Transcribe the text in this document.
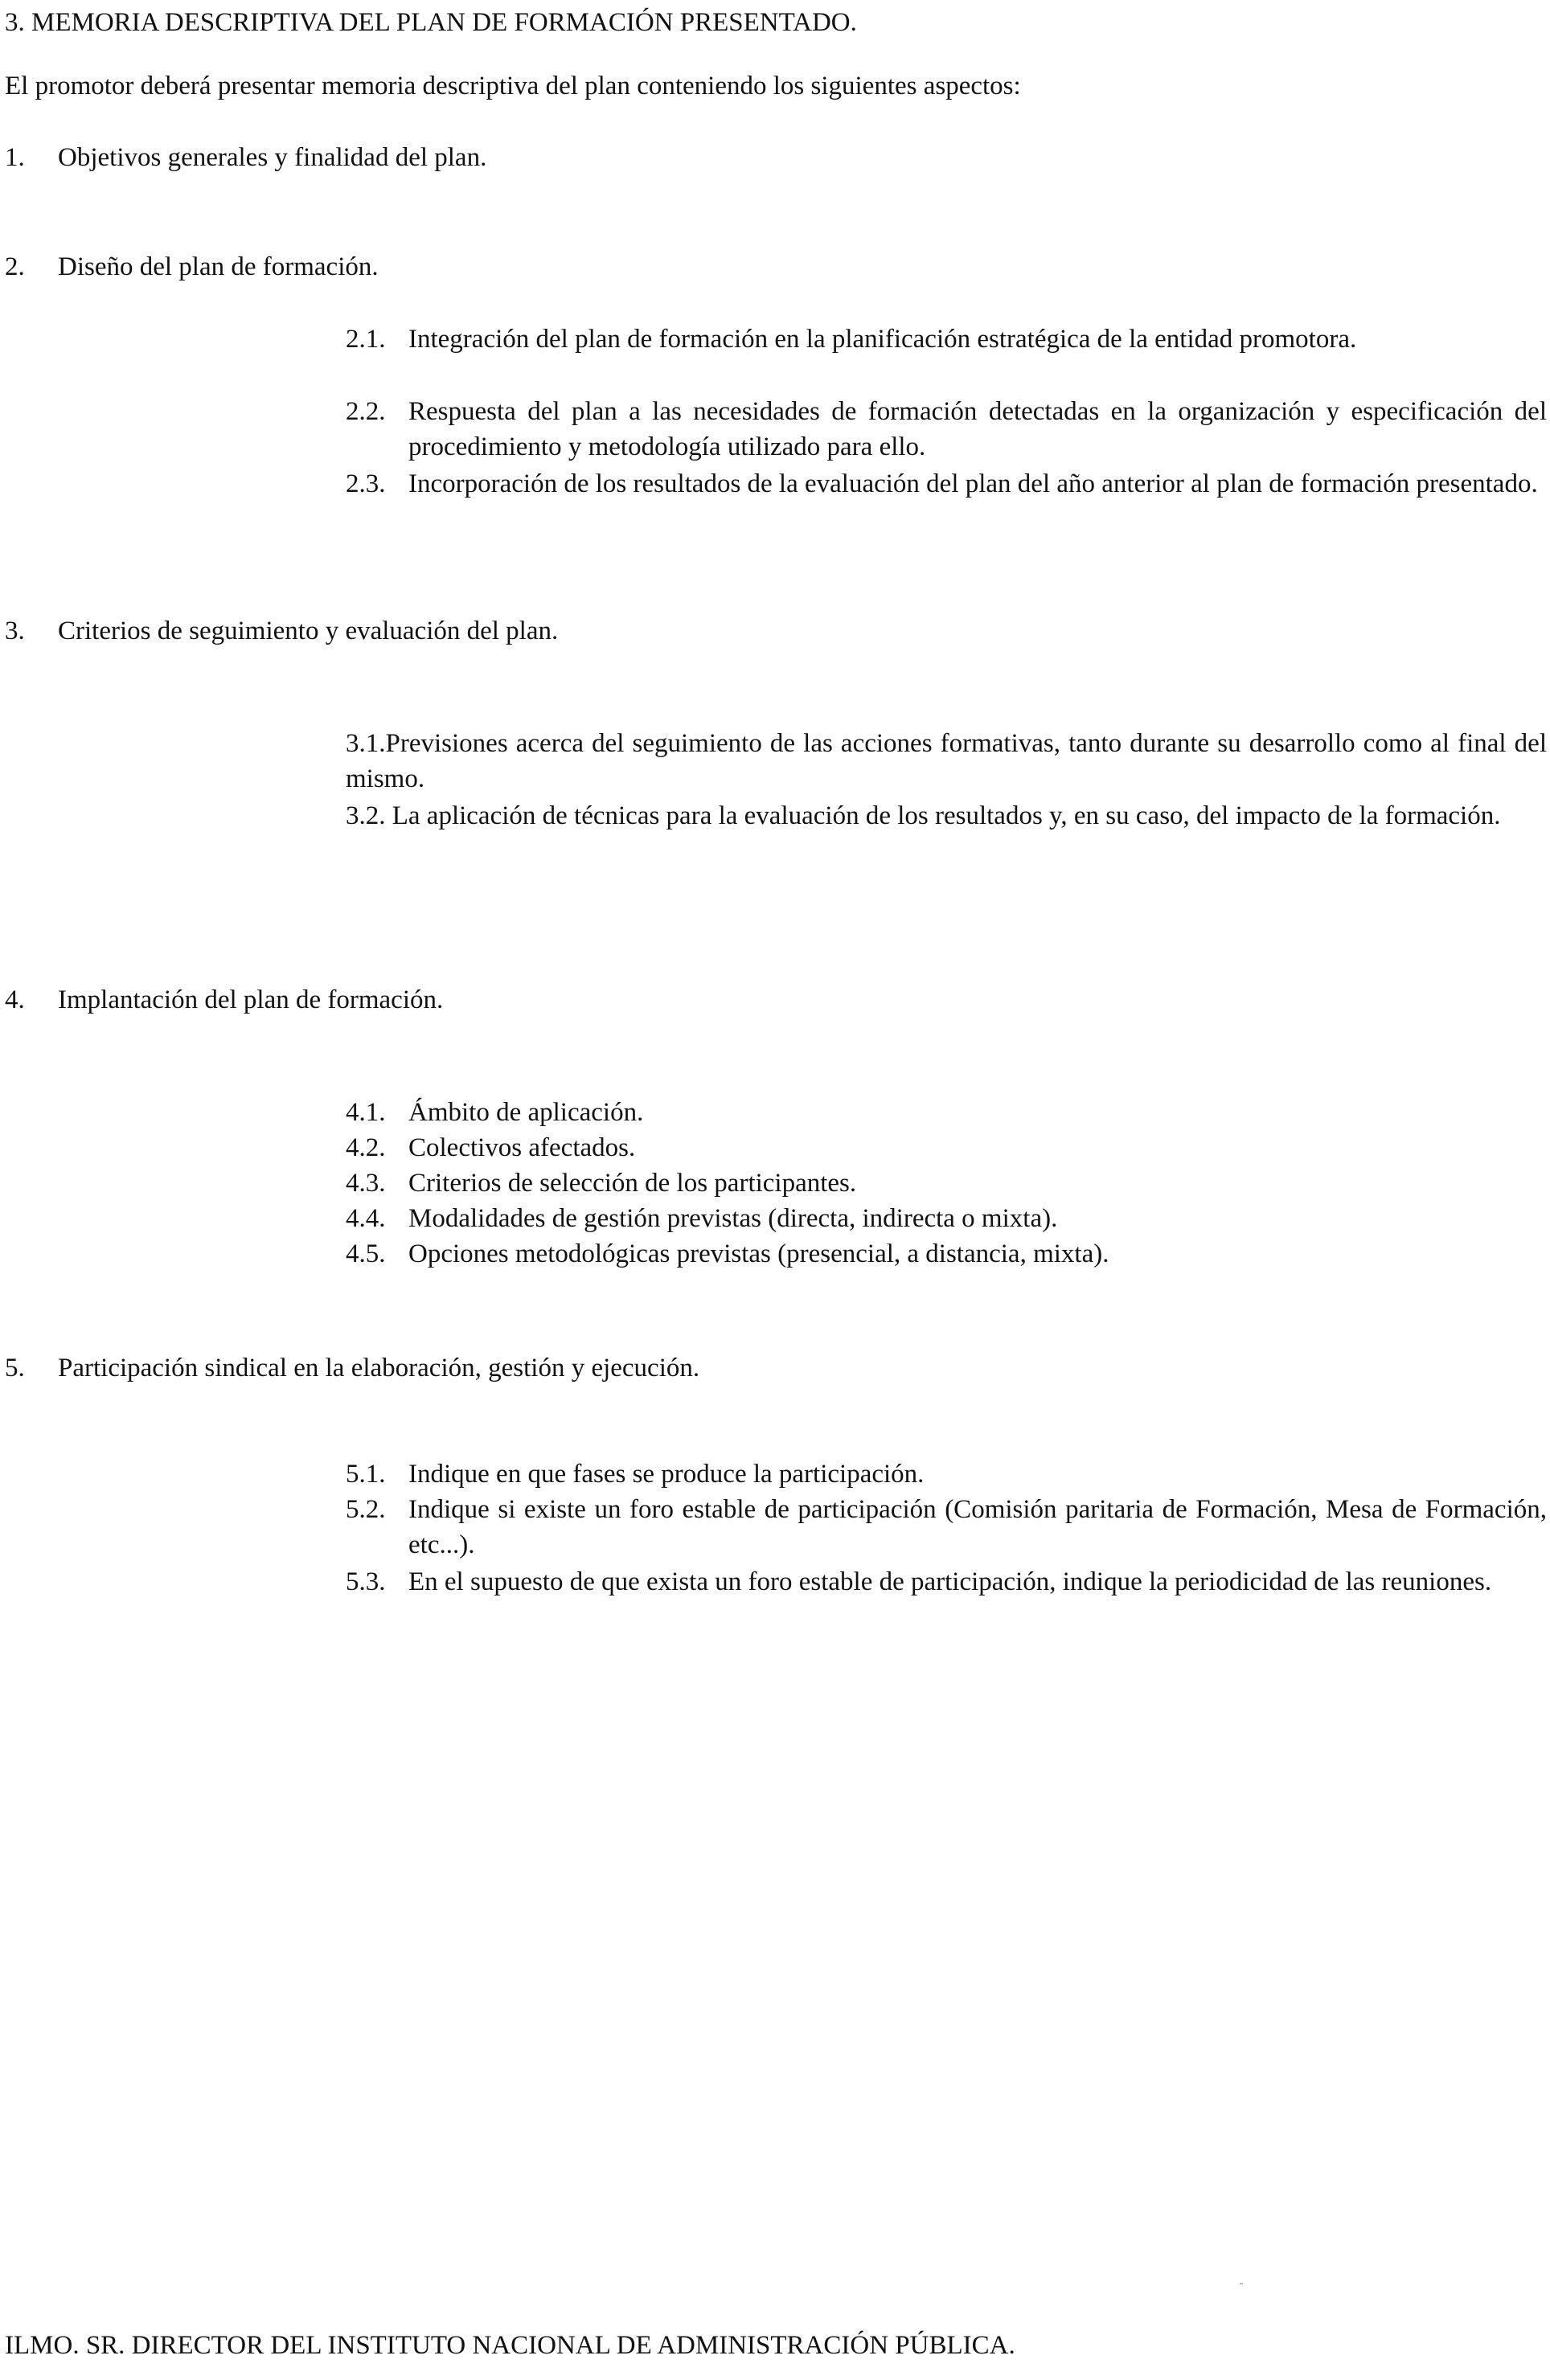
3. MEMORIA DESCRIPTIVA DEL PLAN DE FORMACIÓN PRESENTADO.

El promotor deberá presentar memoria descriptiva del plan conteniendo los siguientes aspectos:

1. Objetivos generales y finalidad del plan.

2. Diseño del plan de formación.

2.1. Integración del plan de formación en la planificación estratégica de la entidad promotora.
2.2. Respuesta del plan a las necesidades de formación detectadas en la organización y especificación del procedimiento y metodología utilizado para ello.
2.3. Incorporación de los resultados de la evaluación del plan del año anterior al plan de formación presentado.

3. Criterios de seguimiento y evaluación del plan.

3.1.Previsiones acerca del seguimiento de las acciones formativas, tanto durante su desarrollo como al final del mismo.
3.2. La aplicación de técnicas para la evaluación de los resultados y, en su caso, del impacto de la formación.

4. Implantación del plan de formación.

4.1. Ámbito de aplicación.
4.2. Colectivos afectados.
4.3. Criterios de selección de los participantes.
4.4. Modalidades de gestión previstas (directa, indirecta o mixta).
4.5. Opciones metodológicas previstas (presencial, a distancia, mixta).

5. Participación sindical en la elaboración, gestión y ejecución.

5.1. Indique en que fases se produce la participación.
5.2. Indique si existe un foro estable de participación (Comisión paritaria de Formación, Mesa de Formación, etc...).
5.3. En el supuesto de que exista un foro estable de participación, indique la periodicidad de las reuniones.

ILMO. SR. DIRECTOR DEL INSTITUTO NACIONAL DE ADMINISTRACIÓN PÚBLICA.
